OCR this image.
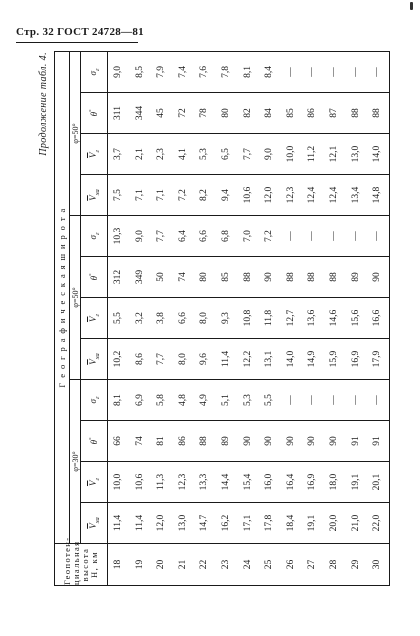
Стр. 32 ГОСТ 24728—81
Продолжение табл. 4.
Геопотен-циальная высота H, км	Г е о г р а ф и ч е с к а я ш и р о т а											
	φ=30°				φ=50°				φ=50°			
	$\overline{V}_{ха}$	$\overline{V}_г$	θ°	$\sigma_г$	$\overline{V}_{ха}$	$\overline{V}_г$	θ°	$\sigma_г$	$\overline{V}_{ха}$	$\overline{V}_г$	θ°	$\sigma_г$
18	11,4	10,0	66	8,1	10,2	5,5	312	10,3	7,5	3,7	311	9,0
19	11,4	10,6	74	6,9	8,6	3,2	349	9,0	7,1	2,1	344	8,5
20	12,0	11,3	81	5,8	7,7	3,8	50	7,7	7,1	2,3	45	7,9
21	13,0	12,3	86	4,8	8,0	6,6	74	6,4	7,2	4,1	72	7,4
22	14,7	13,3	88	4,9	9,6	8,0	80	6,6	8,2	5,3	78	7,6
23	16,2	14,4	89	5,1	11,4	9,3	85	6,8	9,4	6,5	80	7,8
24	17,1	15,4	90	5,3	12,2	10,8	88	7,0	10,6	7,7	82	8,1
25	17,8	16,0	90	5,5	13,1	11,8	90	7,2	12,0	9,0	84	8,4
26	18,4	16,4	90	—	14,0	12,7	88	—	12,3	10,0	85	—
27	19,1	16,9	90	—	14,9	13,6	88	—	12,4	11,2	86	—
28	20,0	18,0	90	—	15,9	14,6	88	—	12,4	12,1	87	—
29	21,0	19,1	91	—	16,9	15,6	89	—	13,4	13,0	88	—
30	22,0	20,1	91	—	17,9	16,6	90	—	14,8	14,0	88	—
